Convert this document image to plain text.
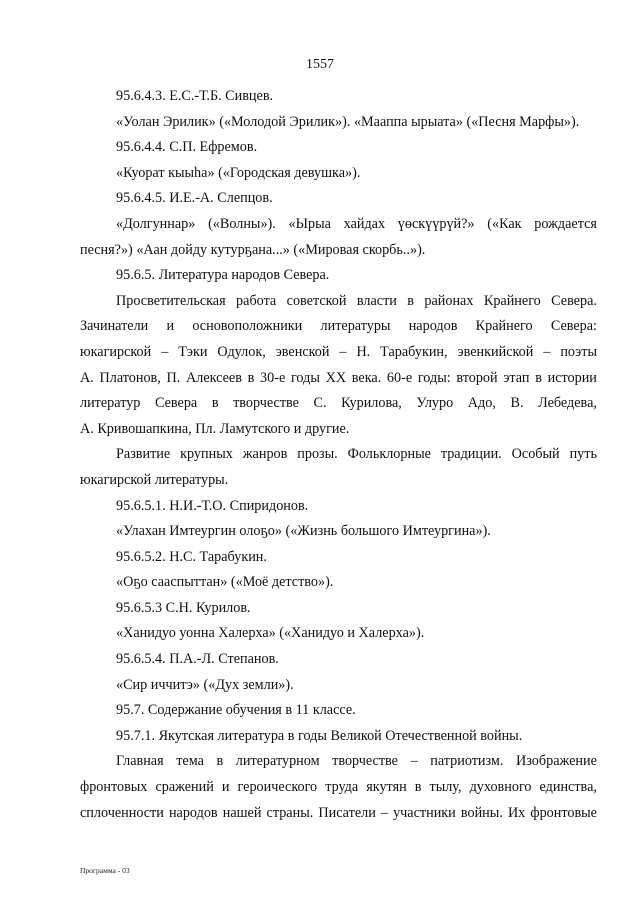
1557
95.6.4.3. Е.С.-Т.Б. Сивцев.
«Уолан Эрилик» («Молодой Эрилик»). «Мааппа ырыата» («Песня Марфы»).
95.6.4.4. С.П. Ефремов.
«Куорат кыыһа» («Городская девушка»).
95.6.4.5. И.Е.-А. Слепцов.
«Долгуннар» («Волны»). «Ырыа хайдах үөскүүрүй?» («Как рождается
песня?») «Аан дойду кутурҕана...» («Мировая скорбь..»).
95.6.5. Литература народов Севера.
Просветительская работа советской власти в районах Крайнего Севера.
Зачинатели и основоположники литературы народов Крайнего Севера:
юкагирской – Тэки Одулок, эвенской – Н. Тарабукин, эвенкийской – поэты
А. Платонов, П. Алексеев в 30-е годы XX века. 60-е годы: второй этап в истории
литератур Севера в творчестве С. Курилова, Улуро Адо, В. Лебедева,
А. Кривошапкина, Пл. Ламутского и другие.
Развитие крупных жанров прозы. Фольклорные традиции. Особый путь
юкагирской литературы.
95.6.5.1. Н.И.-Т.О. Спиридонов.
«Улахан Имтеургин олоҕо» («Жизнь большого Имтеургина»).
95.6.5.2. Н.С. Тарабукин.
«Оҕо сааспыттан» («Моё детство»).
95.6.5.3 С.Н. Курилов.
«Ханидуо уонна Халерха» («Ханидуо и Халерха»).
95.6.5.4. П.А.-Л. Степанов.
«Сир иччитэ» («Дух земли»).
95.7. Содержание обучения в 11 классе.
95.7.1. Якутская литература в годы Великой Отечественной войны.
Главная тема в литературном творчестве – патриотизм. Изображение
фронтовых сражений и героического труда якутян в тылу, духовного единства,
сплоченности народов нашей страны. Писатели – участники войны. Их фронтовые
Программа - 03
